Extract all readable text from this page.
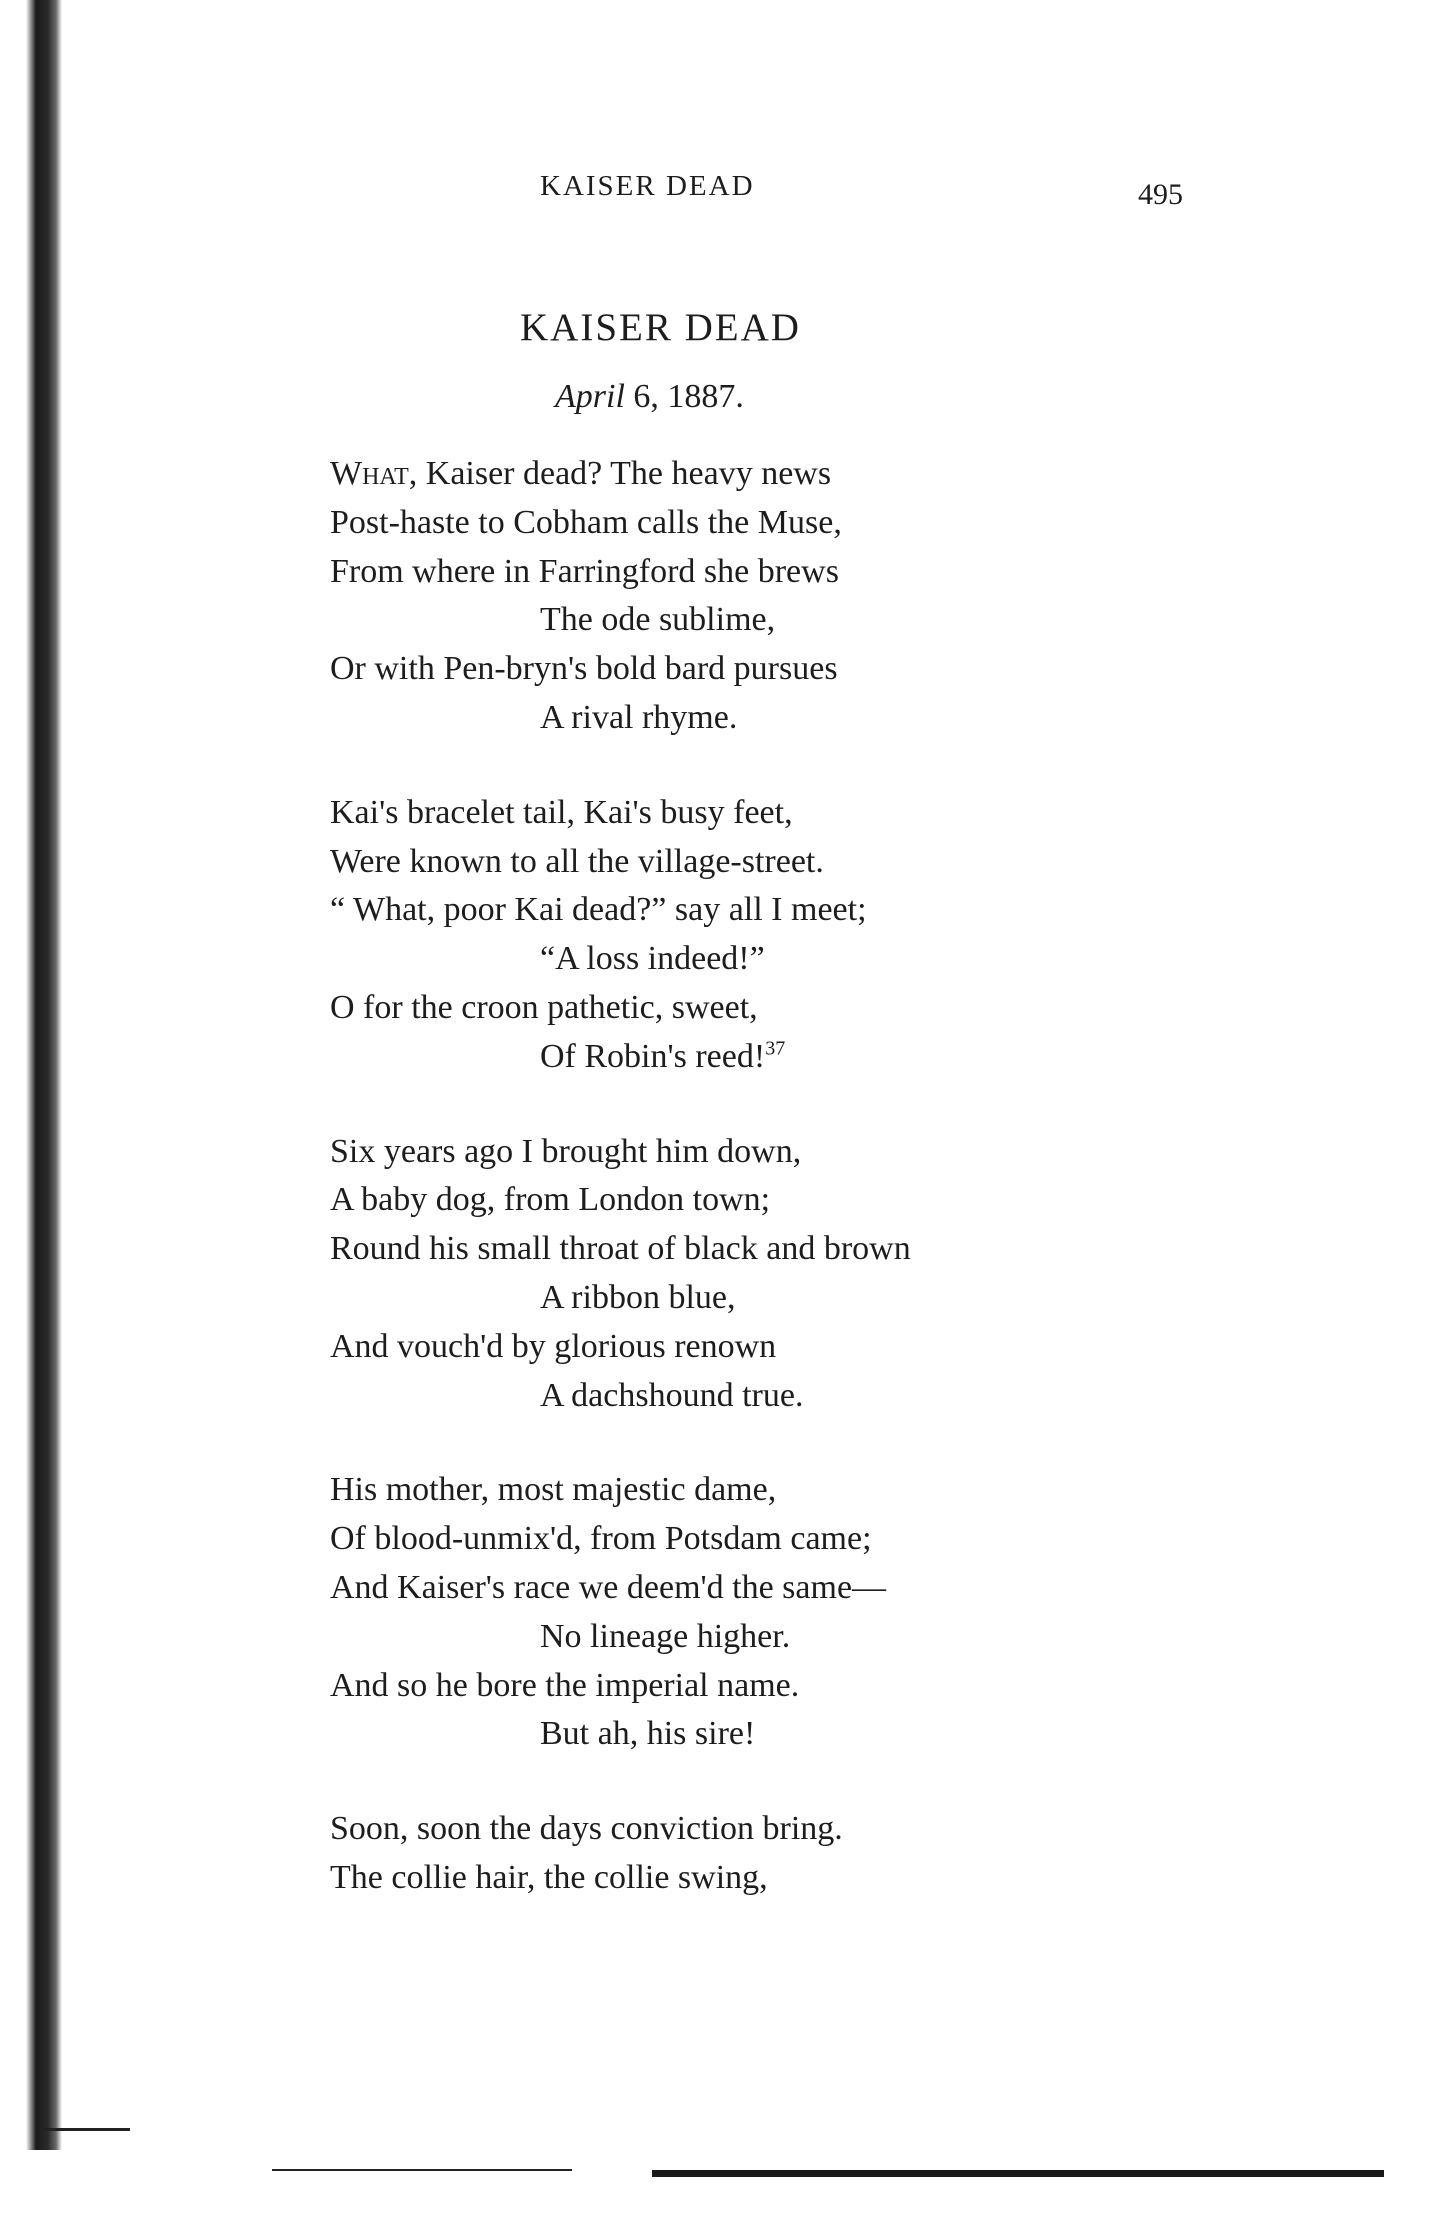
KAISER DEAD	495
KAISER DEAD
April 6, 1887.
What, Kaiser dead? The heavy news
Post-haste to Cobham calls the Muse,
From where in Farringford she brews
The ode sublime,
Or with Pen-bryn's bold bard pursues
A rival rhyme.
Kai's bracelet tail, Kai's busy feet,
Were known to all the village-street.
“ What, poor Kai dead?” say all I meet;
“A loss indeed!”
O for the croon pathetic, sweet,
Of Robin's reed!$^{37}$
Six years ago I brought him down,
A baby dog, from London town;
Round his small throat of black and brown
A ribbon blue,
And vouch'd by glorious renown
A dachshound true.
His mother, most majestic dame,
Of blood-unmix'd, from Potsdam came;
And Kaiser's race we deem'd the same—
No lineage higher.
And so he bore the imperial name.
But ah, his sire!
Soon, soon the days conviction bring.
The collie hair, the collie swing,
